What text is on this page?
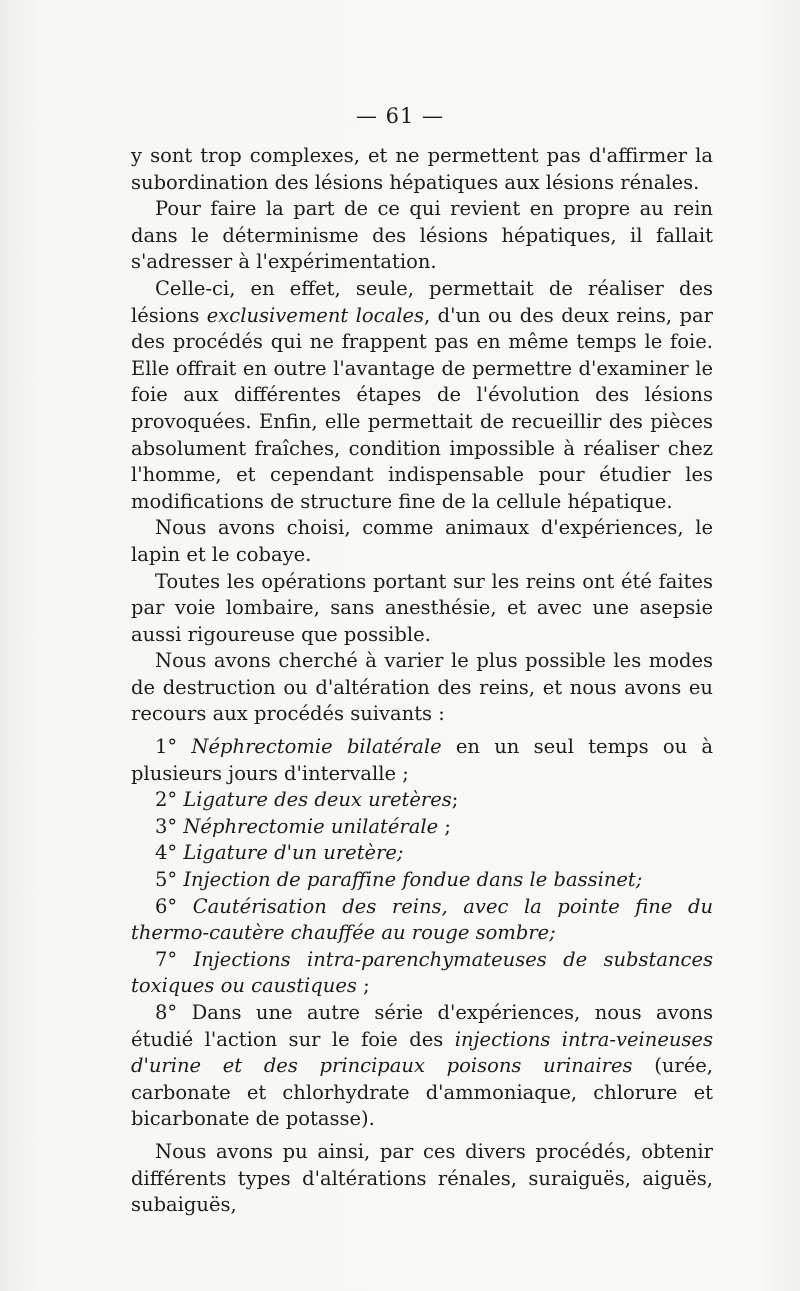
— 61 —

y sont trop complexes, et ne permettent pas d'affirmer la subordination des lésions hépatiques aux lésions rénales.

Pour faire la part de ce qui revient en propre au rein dans le déterminisme des lésions hépatiques, il fallait s'adresser à l'expérimentation.

Celle-ci, en effet, seule, permettait de réaliser des lésions exclusivement locales, d'un ou des deux reins, par des procédés qui ne frappent pas en même temps le foie. Elle offrait en outre l'avantage de permettre d'examiner le foie aux différentes étapes de l'évolution des lésions provoquées. Enfin, elle permettait de recueillir des pièces absolument fraîches, condition impossible à réaliser chez l'homme, et cependant indispensable pour étudier les modifications de structure fine de la cellule hépatique.

Nous avons choisi, comme animaux d'expériences, le lapin et le cobaye.

Toutes les opérations portant sur les reins ont été faites par voie lombaire, sans anesthésie, et avec une asepsie aussi rigoureuse que possible.

Nous avons cherché à varier le plus possible les modes de destruction ou d'altération des reins, et nous avons eu recours aux procédés suivants :

1° Néphrectomie bilatérale en un seul temps ou à plusieurs jours d'intervalle ;

2° Ligature des deux uretères;

3° Néphrectomie unilatérale ;

4° Ligature d'un uretère;

5° Injection de paraffine fondue dans le bassinet;

6° Cautérisation des reins, avec la pointe fine du thermo-cautère chauffée au rouge sombre;

7° Injections intra-parenchymateuses de substances toxiques ou caustiques ;

8° Dans une autre série d'expériences, nous avons étudié l'action sur le foie des injections intra-veineuses d'urine et des principaux poisons urinaires (urée, carbonate et chlorhydrate d'ammoniaque, chlorure et bicarbonate de potasse).

Nous avons pu ainsi, par ces divers procédés, obtenir différents types d'altérations rénales, suraiguës, aiguës, subaiguës,
